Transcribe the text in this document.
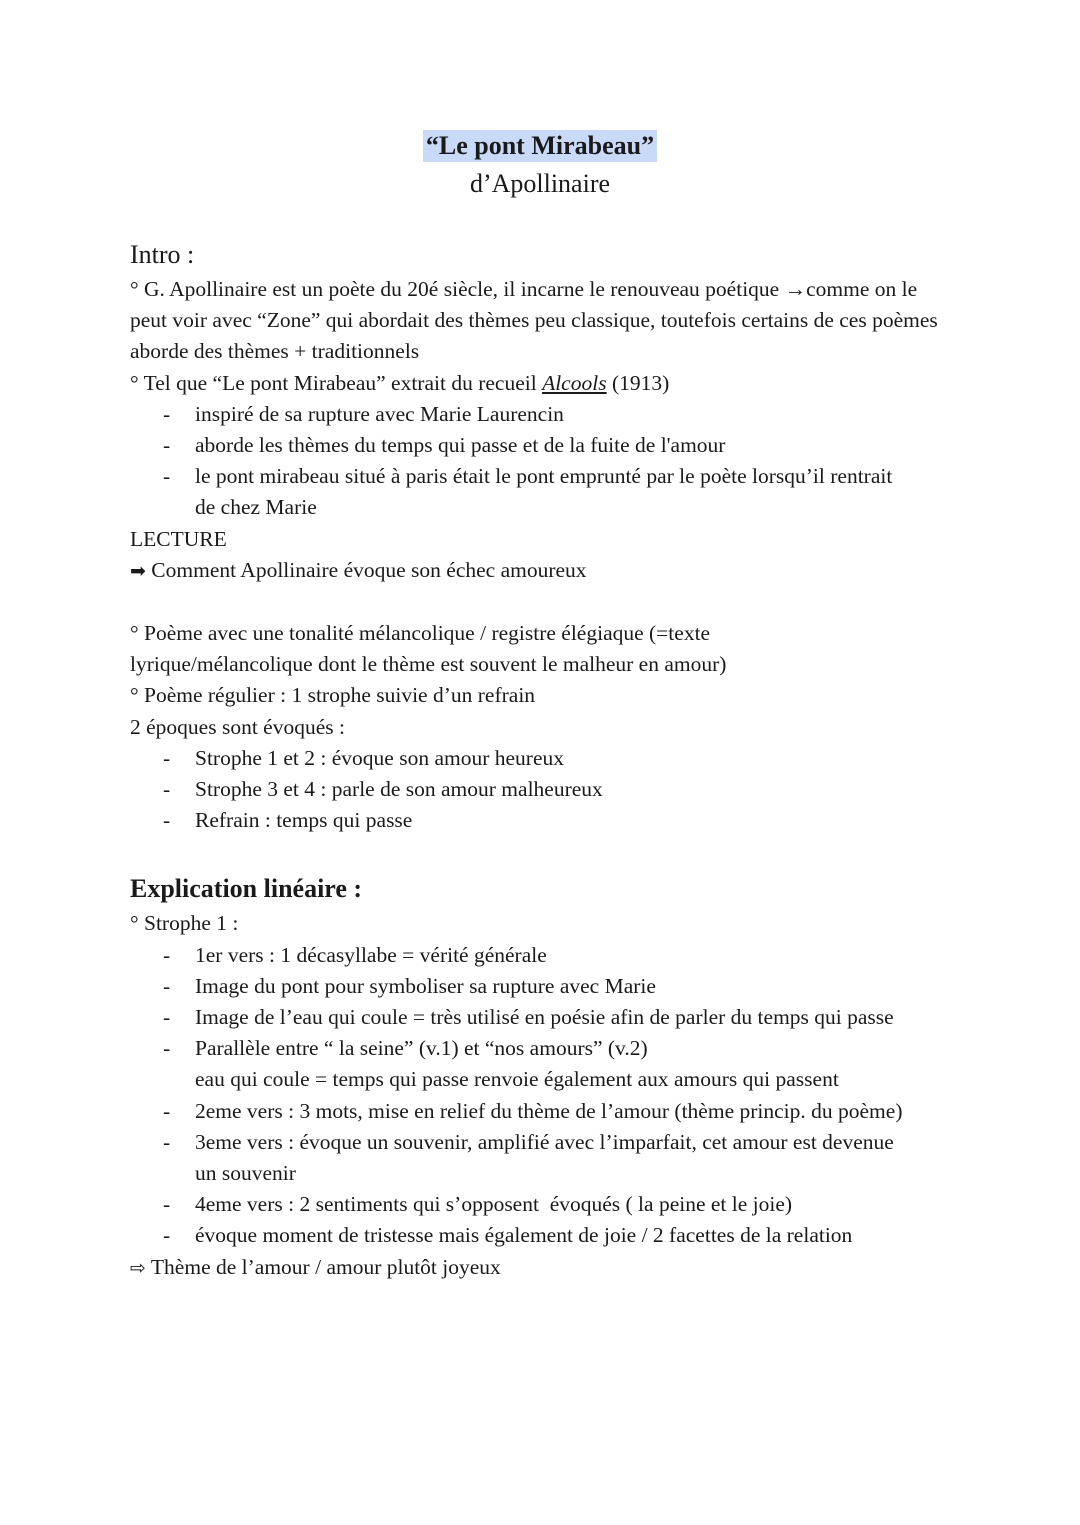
“Le pont Mirabeau”
d’Apollinaire
Intro :
° G. Apollinaire est un poète du 20é siècle, il incarne le renouveau poétique →comme on le peut voir avec “Zone” qui abordait des thèmes peu classique, toutefois certains de ces poèmes aborde des thèmes + traditionnels
° Tel que “Le pont Mirabeau” extrait du recueil Alcools (1913)
- inspiré de sa rupture avec Marie Laurencin
- aborde les thèmes du temps qui passe et de la fuite de l'amour
- le pont mirabeau situé à paris était le pont emprunté par le poète lorsqu’il rentrait de chez Marie
LECTURE
➡ Comment Apollinaire évoque son échec amoureux
° Poème avec une tonalité mélancolique / registre élégiaque (=texte lyrique/mélancolique dont le thème est souvent le malheur en amour)
° Poème régulier : 1 strophe suivie d’un refrain
2 époques sont évoqués :
- Strophe 1 et 2 : évoque son amour heureux
- Strophe 3 et 4 : parle de son amour malheureux
- Refrain : temps qui passe
Explication linéaire :
° Strophe 1 :
- 1er vers : 1 décasyllabe = vérité générale
- Image du pont pour symboliser sa rupture avec Marie
- Image de l’eau qui coule = très utilisé en poésie afin de parler du temps qui passe
- Parallèle entre “ la seine” (v.1) et “nos amours” (v.2)
eau qui coule = temps qui passe renvoie également aux amours qui passent
- 2eme vers : 3 mots, mise en relief du thème de l’amour (thème princip. du poème)
- 3eme vers : évoque un souvenir, amplifié avec l’imparfait, cet amour est devenue un souvenir
- 4eme vers : 2 sentiments qui s’opposent  évoqués ( la peine et le joie)
- évoque moment de tristesse mais également de joie / 2 facettes de la relation
⇨ Thème de l’amour / amour plutôt joyeux
